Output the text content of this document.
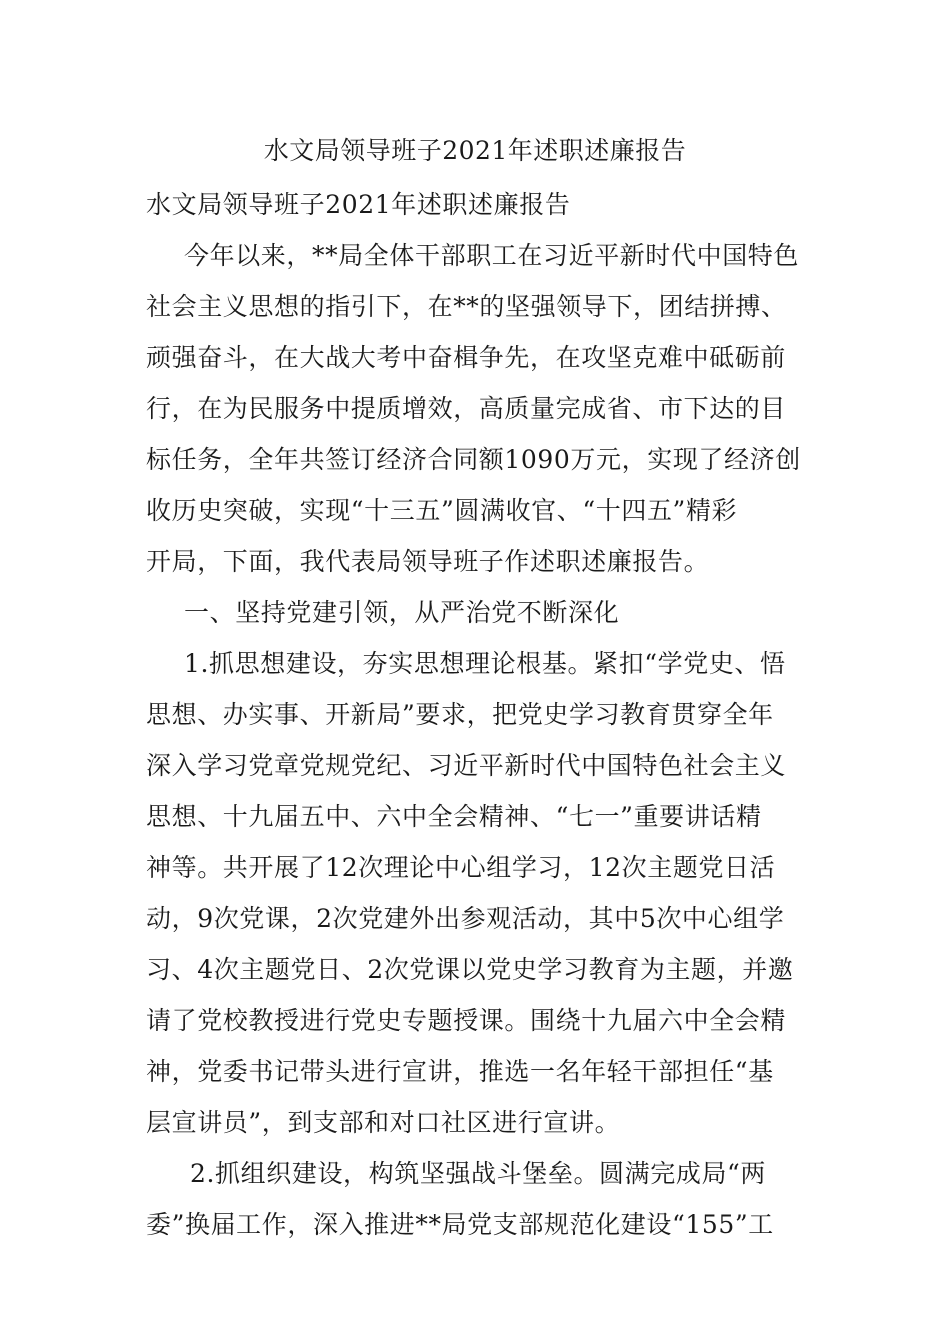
水文局领导班子2021年述职述廉报告
水文局领导班子2021年述职述廉报告
今年以来，**局全体干部职工在习近平新时代中国特色
社会主义思想的指引下，在**的坚强领导下，团结拼搏、
顽强奋斗，在大战大考中奋楫争先，在攻坚克难中砥砺前
行，在为民服务中提质增效，高质量完成省、市下达的目
标任务，全年共签订经济合同额1090万元，实现了经济创
收历史突破，实现“十三五”圆满收官、“十四五”精彩
开局，下面，我代表局领导班子作述职述廉报告。
一、坚持党建引领，从严治党不断深化
1.抓思想建设，夯实思想理论根基。紧扣“学党史、悟
思想、办实事、开新局”要求，把党史学习教育贯穿全年
深入学习党章党规党纪、习近平新时代中国特色社会主义
思想、十九届五中、六中全会精神、“七一”重要讲话精
神等。共开展了12次理论中心组学习，12次主题党日活
动，9次党课，2次党建外出参观活动，其中5次中心组学
习、4次主题党日、2次党课以党史学习教育为主题，并邀
请了党校教授进行党史专题授课。围绕十九届六中全会精
神，党委书记带头进行宣讲，推选一名年轻干部担任“基
层宣讲员”，到支部和对口社区进行宣讲。
2.抓组织建设，构筑坚强战斗堡垒。圆满完成局“两
委”换届工作，深入推进**局党支部规范化建设“155”工
